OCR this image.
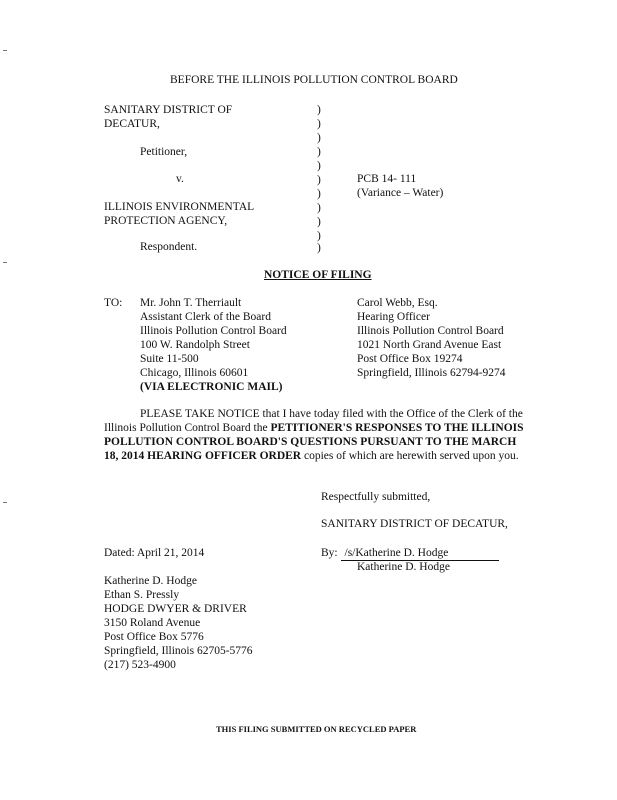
BEFORE THE ILLINOIS POLLUTION CONTROL BOARD
SANITARY DISTRICT OF
DECATUR,
Petitioner,
v.
ILLINOIS ENVIRONMENTAL
PROTECTION AGENCY,
Respondent.
)
)
)
)
)
)
)
)
)
)
)
PCB 14- 111
(Variance – Water)
NOTICE OF FILING
TO: Mr. John T. Therriault
Assistant Clerk of the Board
Illinois Pollution Control Board
100 W. Randolph Street
Suite 11-500
Chicago, Illinois 60601
(VIA ELECTRONIC MAIL)
Carol Webb, Esq.
Hearing Officer
Illinois Pollution Control Board
1021 North Grand Avenue East
Post Office Box 19274
Springfield, Illinois 62794-9274
PLEASE TAKE NOTICE that I have today filed with the Office of the Clerk of the Illinois Pollution Control Board the PETITIONER'S RESPONSES TO THE ILLINOIS POLLUTION CONTROL BOARD'S QUESTIONS PURSUANT TO THE MARCH 18, 2014 HEARING OFFICER ORDER copies of which are herewith served upon you.
Respectfully submitted,
SANITARY DISTRICT OF DECATUR,
Dated: April 21, 2014	By: /s/Katherine D. Hodge
Katherine D. Hodge
Katherine D. Hodge
Ethan S. Pressly
HODGE DWYER & DRIVER
3150 Roland Avenue
Post Office Box 5776
Springfield, Illinois 62705-5776
(217) 523-4900
THIS FILING SUBMITTED ON RECYCLED PAPER
